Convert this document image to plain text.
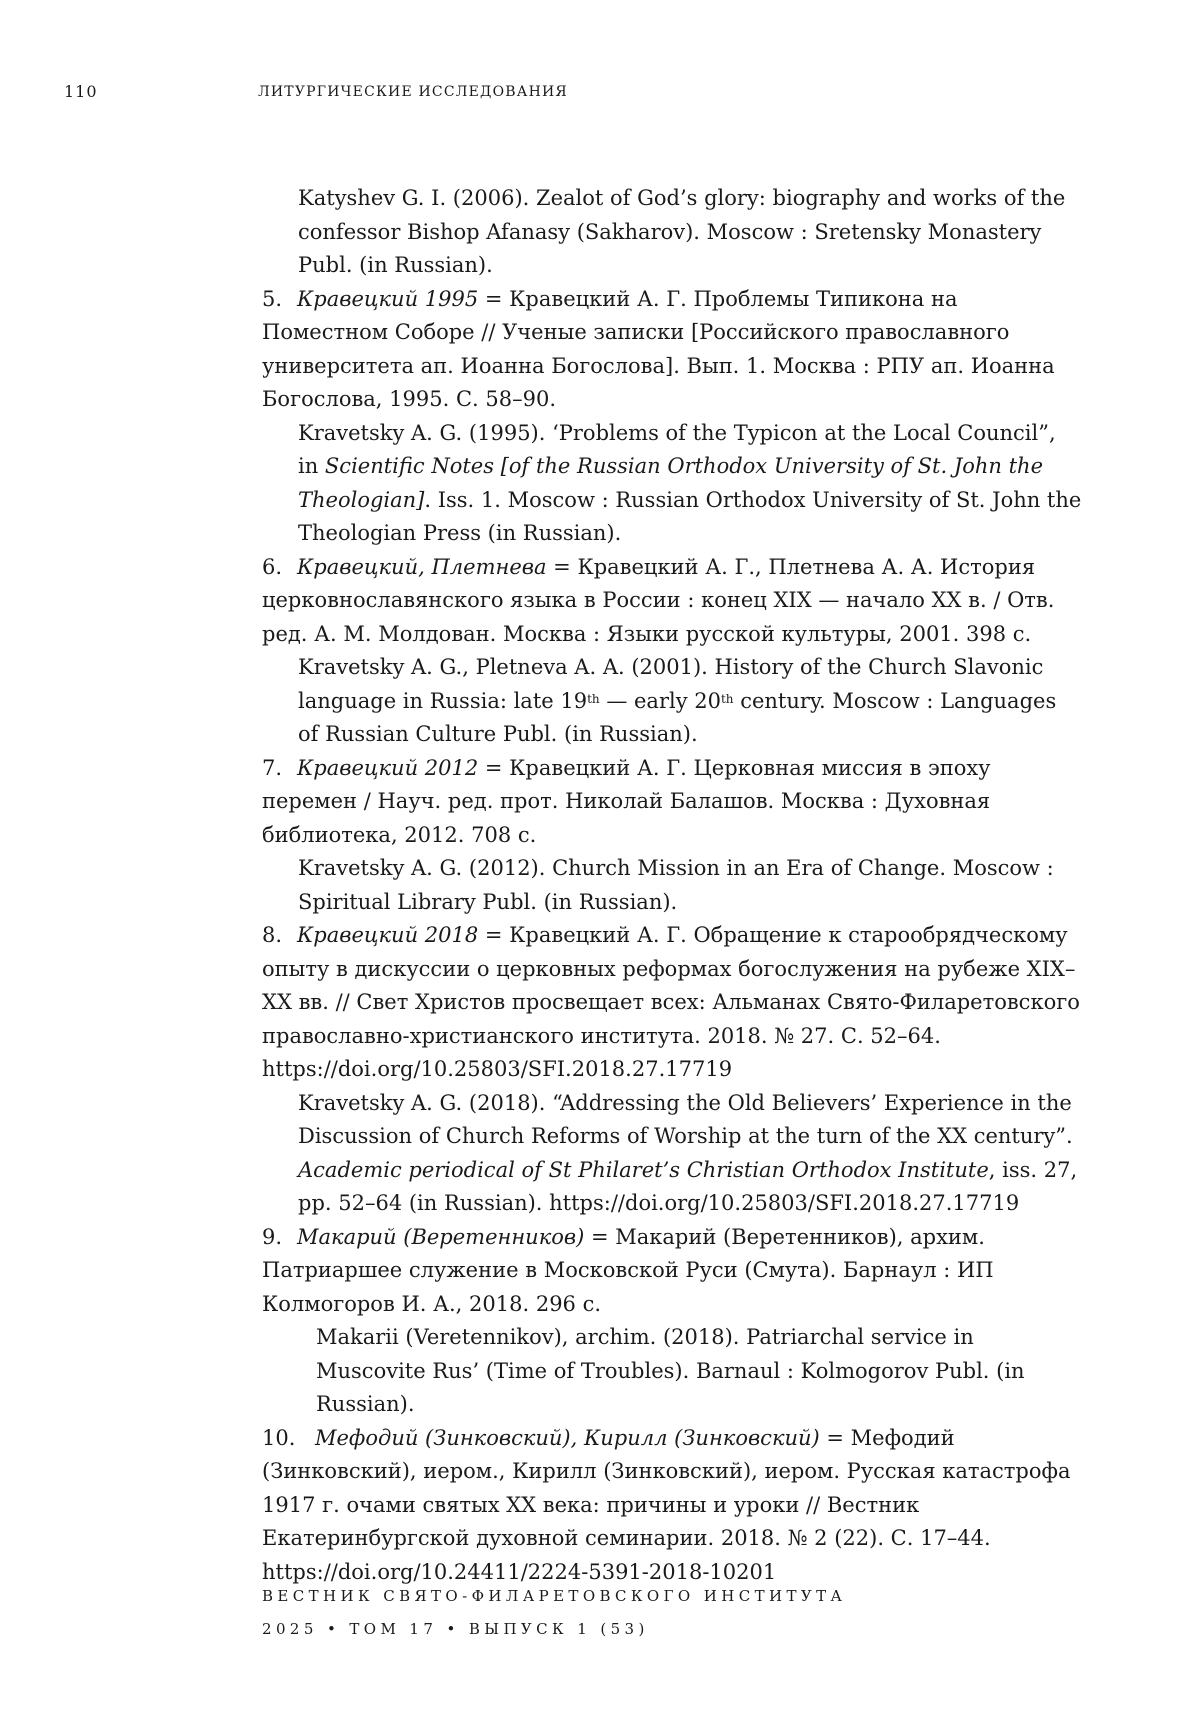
110	ЛИТУРГИЧЕСКИЕ ИССЛЕДОВАНИЯ

Katyshev G. I. (2006). Zealot of God’s glory: biography and works of the confessor Bishop Afanasy (Sakharov). Moscow : Sretensky Monastery Publ. (in Russian).

5. Кравецкий 1995 = Кравецкий А. Г. Проблемы Типикона на Поместном Соборе // Ученые записки [Российского православного университета ап. Иоанна Богослова]. Вып. 1. Москва : РПУ ап. Иоанна Богослова, 1995. С. 58–90.

Kravetsky A. G. (1995). ‘Problems of the Typicon at the Local Council”, in Scientific Notes [of the Russian Orthodox University of St. John the Theologian]. Iss. 1. Moscow : Russian Orthodox University of St. John the Theologian Press (in Russian).

6. Кравецкий, Плетнева = Кравецкий А. Г., Плетнева А. А. История церковнославянского языка в России : конец XIX — начало XX в. / Отв. ред. А. М. Молдован. Москва : Языки русской культуры, 2001. 398 с.

Kravetsky A. G., Pletneva A. A. (2001). History of the Church Slavonic language in Russia: late 19th — early 20th century. Moscow : Languages of Russian Culture Publ. (in Russian).

7. Кравецкий 2012 = Кравецкий А. Г. Церковная миссия в эпоху перемен / Науч. ред. прот. Николай Балашов. Москва : Духовная библиотека, 2012. 708 с.

Kravetsky A. G. (2012). Church Mission in an Era of Change. Moscow : Spiritual Library Publ. (in Russian).

8. Кравецкий 2018 = Кравецкий А. Г. Обращение к старообрядческому опыту в дискуссии о церковных реформах богослужения на рубеже XIX–XX вв. // Свет Христов просвещает всех: Альманах Свято-Филаретовского православно-христианского института. 2018. № 27. С. 52–64. https://doi.org/10.25803/SFI.2018.27.17719

Kravetsky A. G. (2018). “Addressing the Old Believers’ Experience in the Discussion of Church Reforms of Worship at the turn of the XX century”. Academic periodical of St Philaret’s Christian Orthodox Institute, iss. 27, pp. 52–64 (in Russian). https://doi.org/10.25803/SFI.2018.27.17719

9. Макарий (Веретенников) = Макарий (Веретенников), архим. Патриаршее служение в Московской Руси (Смута). Барнаул : ИП Колмогоров И. А., 2018. 296 с.

Makarii (Veretennikov), archim. (2018). Patriarchal service in Muscovite Rus’ (Time of Troubles). Barnaul : Kolmogorov Publ. (in Russian).

10. Мефодий (Зинковский), Кирилл (Зинковский) = Мефодий (Зинковский), иером., Кирилл (Зинковский), иером. Русская катастрофа 1917 г. очами святых XX века: причины и уроки // Вестник Екатеринбургской духовной семинарии. 2018. № 2 (22). С. 17–44. https://doi.org/10.24411/2224-5391-2018-10201

ВЕСТНИК СВЯТО-ФИЛАРЕТОВСКОГО ИНСТИТУТА
2025 • ТОМ 17 • ВЫПУСК 1 (53)
